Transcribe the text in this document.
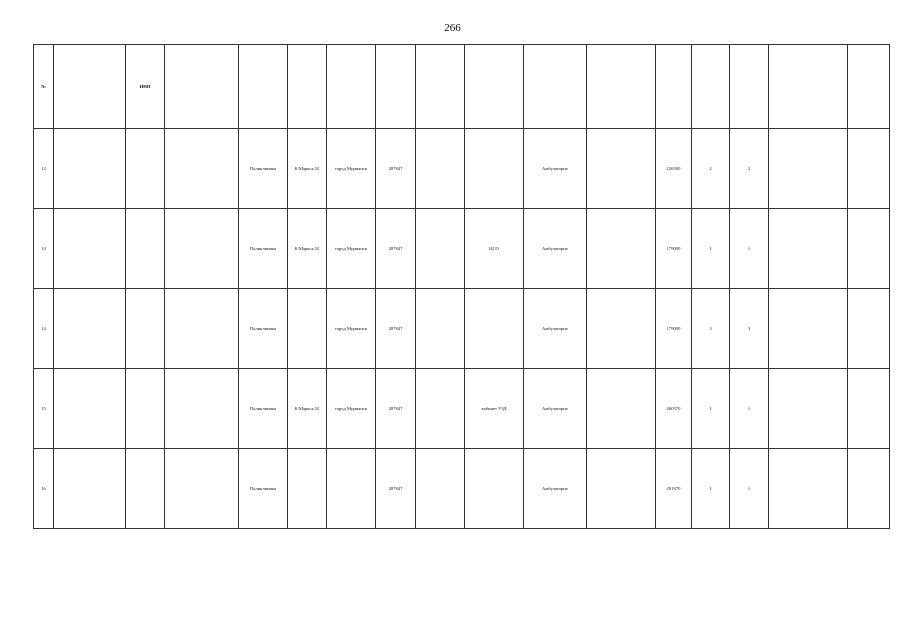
266
№		ИНН														
12				Поликлиника	К.Маркса,52	город Мурманск	287847			Амбулаторно		126500	2	2		
13				Поликлиника	К.Маркса,52	город Мурманск	287847		ЦСО	Амбулаторно		179090	1	1		
14				Поликлиника		город Мурманск	287847			Амбулаторно		179090	3	3		
15				Поликлиника	К.Маркса,52	город Мурманск	287847		кабинет УЗД	Амбулаторно		260570	1	1		
16				Поликлиника			287847			Амбулаторно		291870	1	1		
